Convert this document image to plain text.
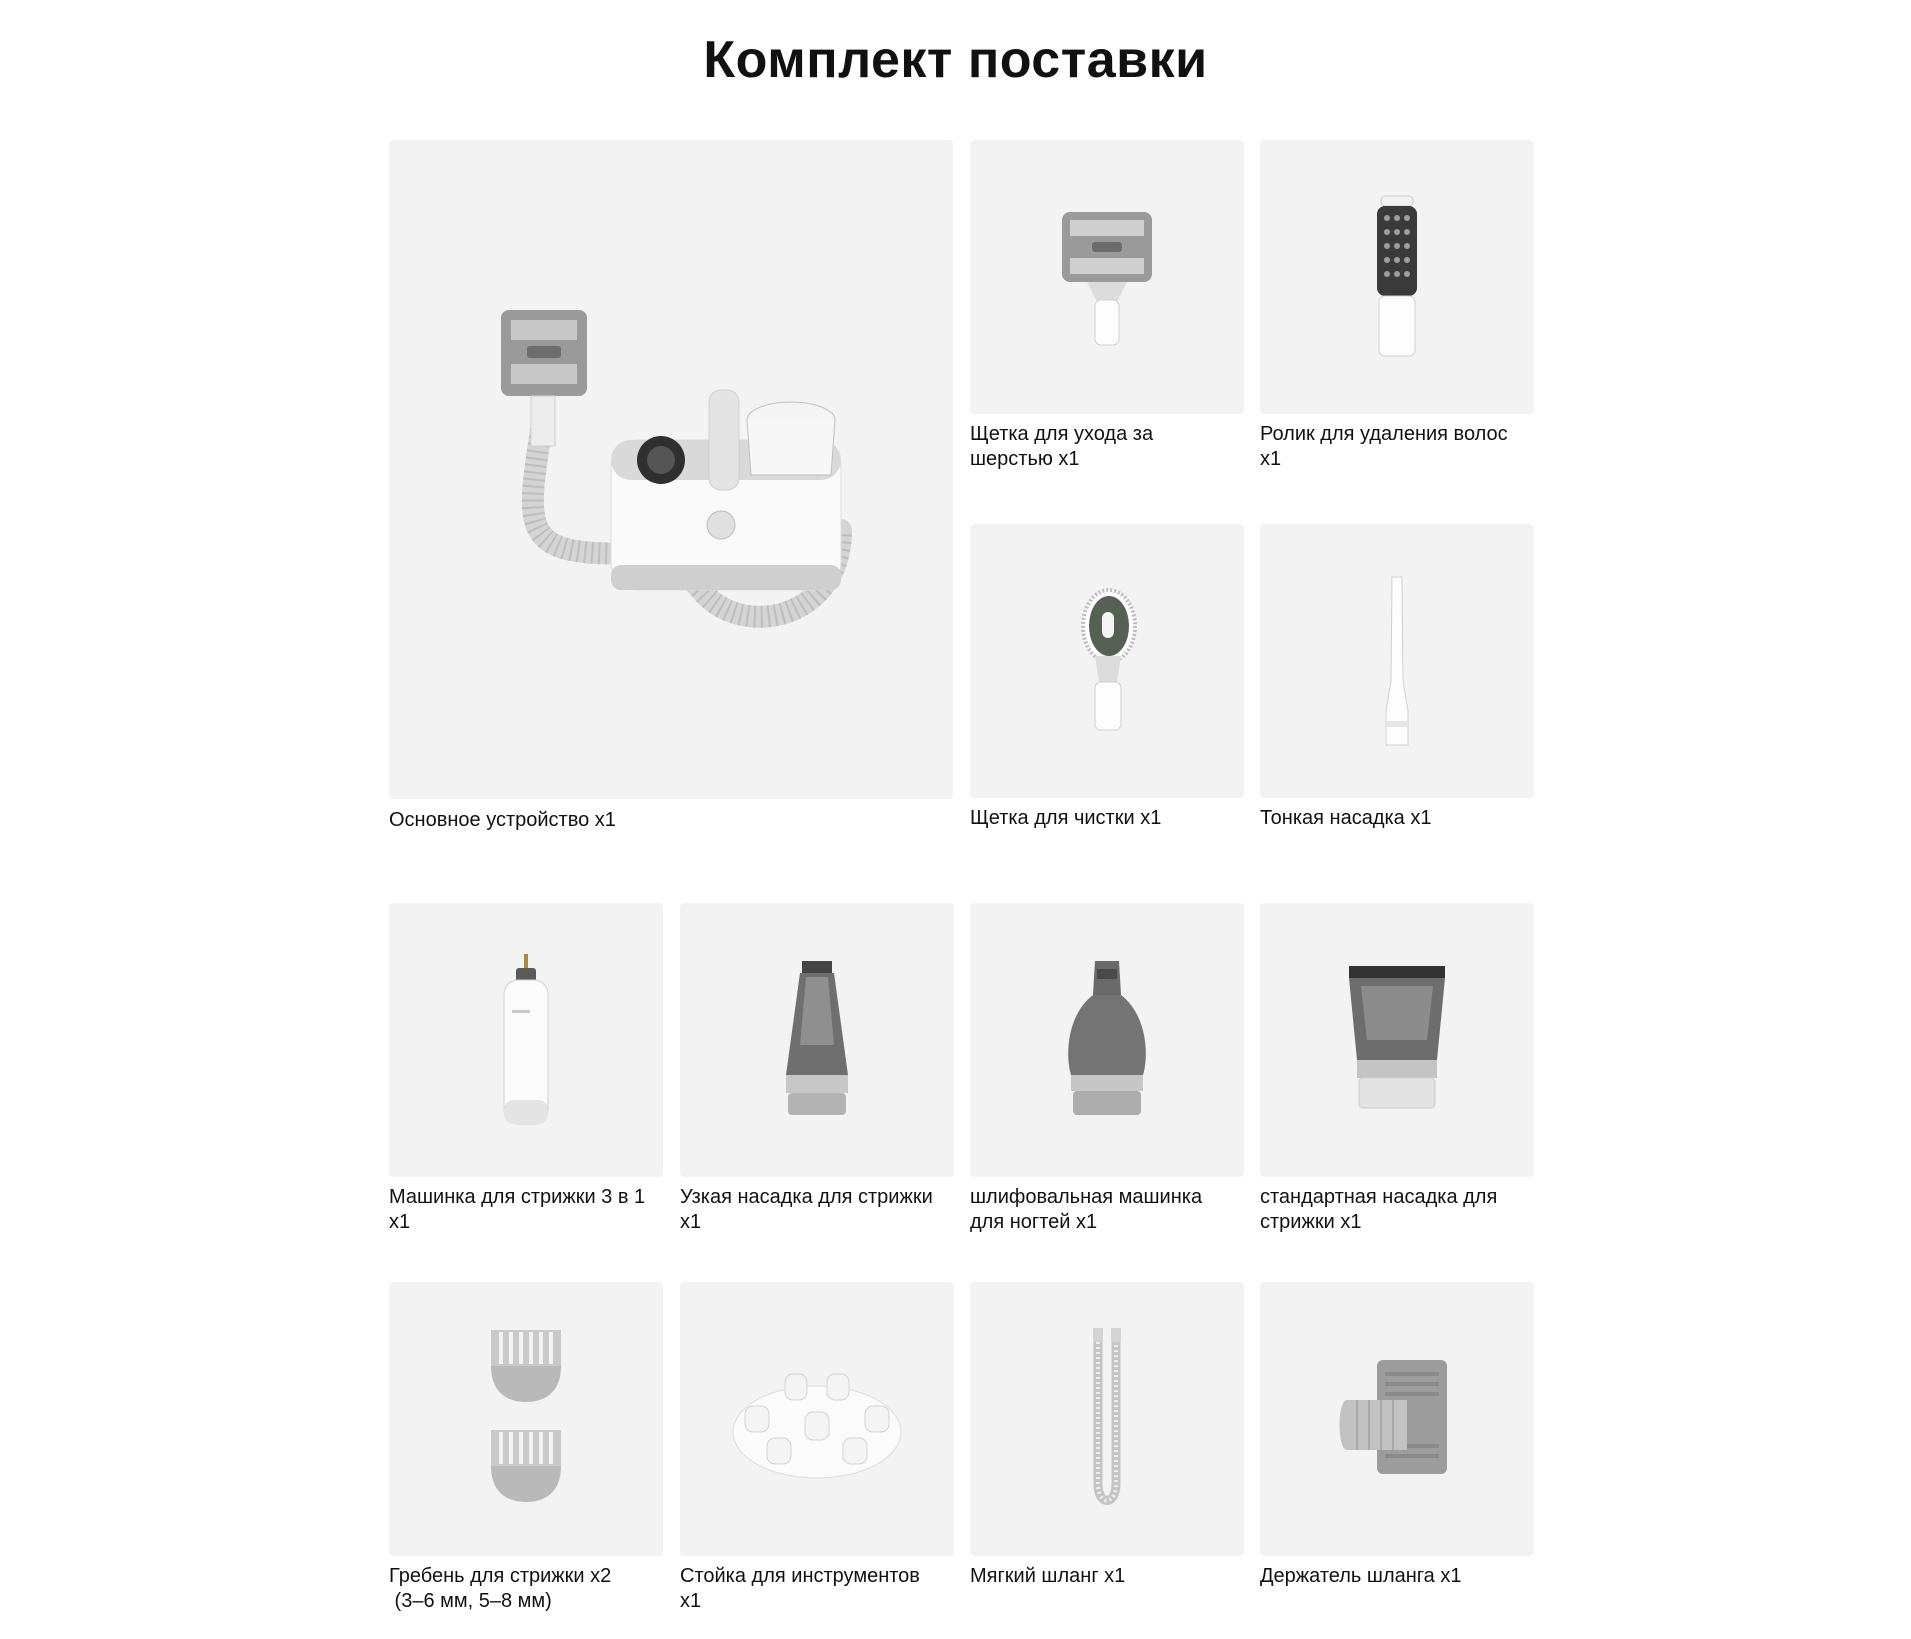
Комплект поставки
Основное устройство x1
Щетка для ухода за
шерстью x1
Ролик для удаления волос
x1
Щетка для чистки x1	Тонкая насадка x1
Машинка для стрижки 3 в 1
x1
Узкая насадка для стрижки
x1
шлифовальная машинка
для ногтей x1
стандартная насадка для
стрижки x1
Гребень для стрижки x2
(3–6 мм, 5–8 мм)
Стойка для инструментов
x1
Мягкий шланг x1	Держатель шланга x1
